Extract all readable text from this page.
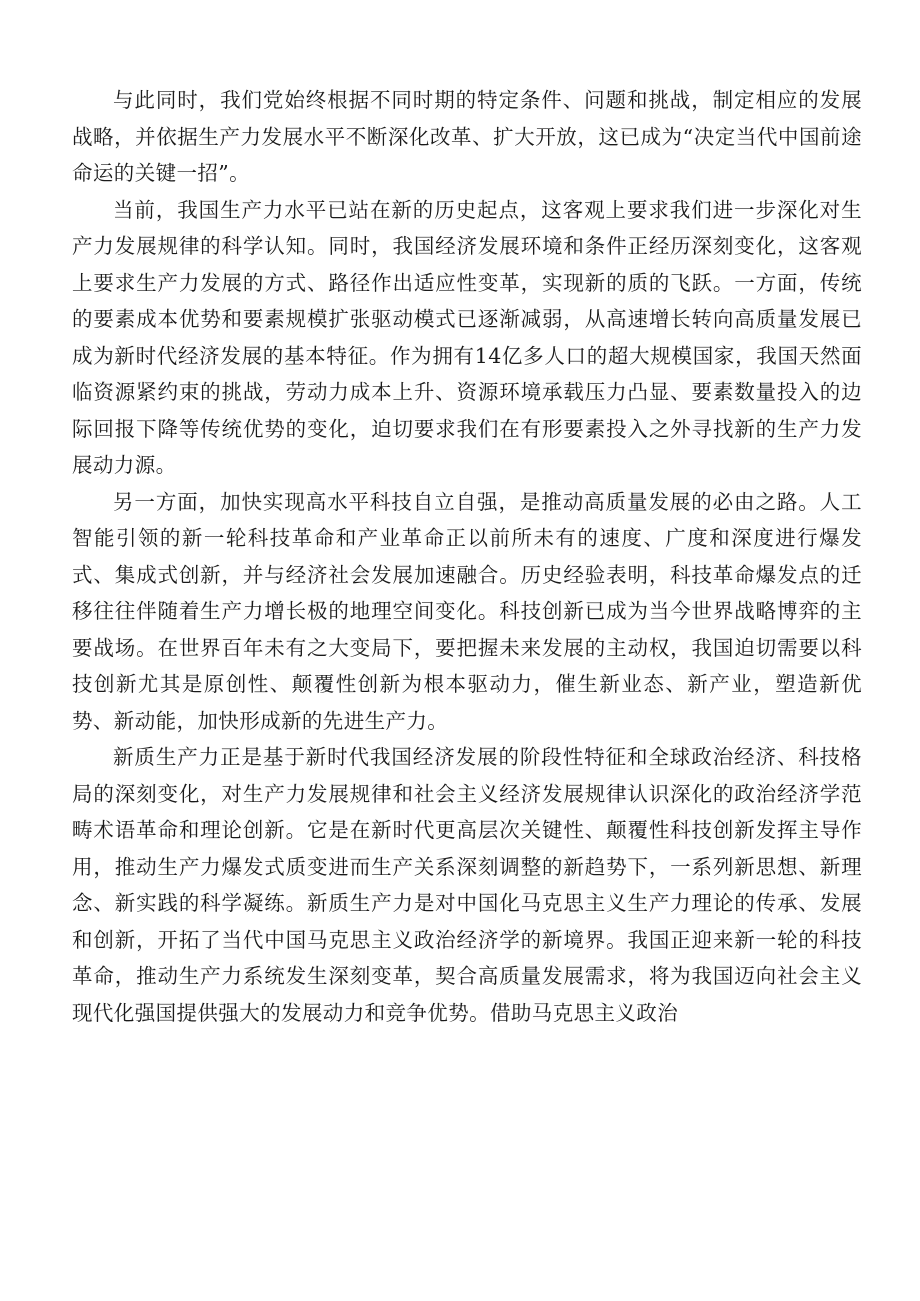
与此同时，我们党始终根据不同时期的特定条件、问题和挑战，制定相应的发展战略，并依据生产力发展水平不断深化改革、扩大开放，这已成为“决定当代中国前途命运的关键一招”。

当前，我国生产力水平已站在新的历史起点，这客观上要求我们进一步深化对生产力发展规律的科学认知。同时，我国经济发展环境和条件正经历深刻变化，这客观上要求生产力发展的方式、路径作出适应性变革，实现新的质的飞跃。一方面，传统的要素成本优势和要素规模扩张驱动模式已逐渐减弱，从高速增长转向高质量发展已成为新时代经济发展的基本特征。作为拥有14亿多人口的超大规模国家，我国天然面临资源紧约束的挑战，劳动力成本上升、资源环境承载压力凸显、要素数量投入的边际回报下降等传统优势的变化，迫切要求我们在有形要素投入之外寻找新的生产力发展动力源。

另一方面，加快实现高水平科技自立自强，是推动高质量发展的必由之路。人工智能引领的新一轮科技革命和产业革命正以前所未有的速度、广度和深度进行爆发式、集成式创新，并与经济社会发展加速融合。历史经验表明，科技革命爆发点的迁移往往伴随着生产力增长极的地理空间变化。科技创新已成为当今世界战略博弈的主要战场。在世界百年未有之大变局下，要把握未来发展的主动权，我国迫切需要以科技创新尤其是原创性、颠覆性创新为根本驱动力，催生新业态、新产业，塑造新优势、新动能，加快形成新的先进生产力。

新质生产力正是基于新时代我国经济发展的阶段性特征和全球政治经济、科技格局的深刻变化，对生产力发展规律和社会主义经济发展规律认识深化的政治经济学范畴术语革命和理论创新。它是在新时代更高层次关键性、颠覆性科技创新发挥主导作用，推动生产力爆发式质变进而生产关系深刻调整的新趋势下，一系列新思想、新理念、新实践的科学凝练。新质生产力是对中国化马克思主义生产力理论的传承、发展和创新，开拓了当代中国马克思主义政治经济学的新境界。我国正迎来新一轮的科技革命，推动生产力系统发生深刻变革，契合高质量发展需求，将为我国迈向社会主义现代化强国提供强大的发展动力和竞争优势。借助马克思主义政治
